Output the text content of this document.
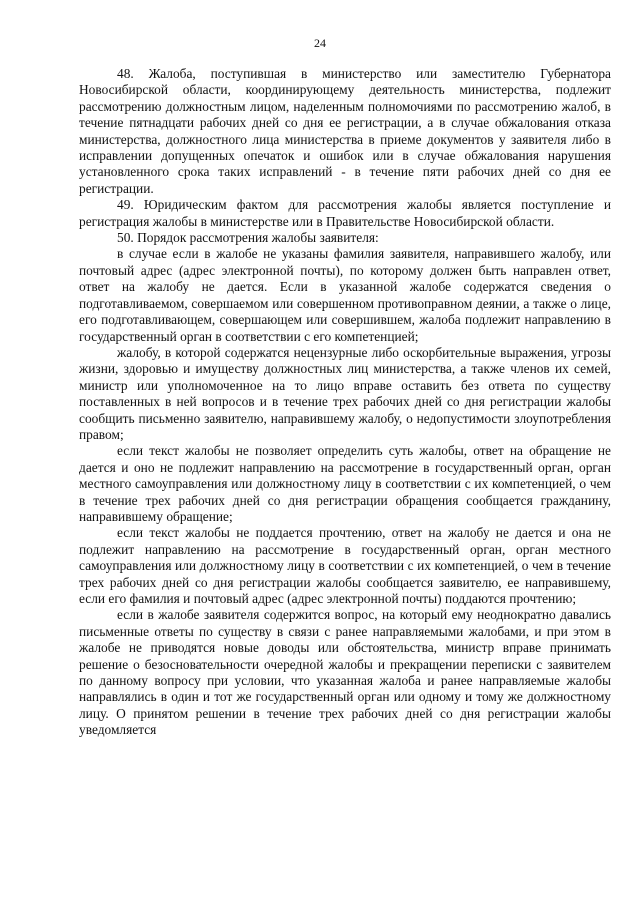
24

48. Жалоба, поступившая в министерство или заместителю Губернатора Новосибирской области, координирующему деятельность министерства, подлежит рассмотрению должностным лицом, наделенным полномочиями по рассмотрению жалоб, в течение пятнадцати рабочих дней со дня ее регистрации, а в случае обжалования отказа министерства, должностного лица министерства в приеме документов у заявителя либо в исправлении допущенных опечаток и ошибок или в случае обжалования нарушения установленного срока таких исправлений - в течение пяти рабочих дней со дня ее регистрации.

49. Юридическим фактом для рассмотрения жалобы является поступление и регистрация жалобы в министерстве или в Правительстве Новосибирской области.

50. Порядок рассмотрения жалобы заявителя:

в случае если в жалобе не указаны фамилия заявителя, направившего жалобу, или почтовый адрес (адрес электронной почты), по которому должен быть направлен ответ, ответ на жалобу не дается. Если в указанной жалобе содержатся сведения о подготавливаемом, совершаемом или совершенном противоправном деянии, а также о лице, его подготавливающем, совершающем или совершившем, жалоба подлежит направлению в государственный орган в соответствии с его компетенцией;

жалобу, в которой содержатся нецензурные либо оскорбительные выражения, угрозы жизни, здоровью и имуществу должностных лиц министерства, а также членов их семей, министр или уполномоченное на то лицо вправе оставить без ответа по существу поставленных в ней вопросов и в течение трех рабочих дней со дня регистрации жалобы сообщить письменно заявителю, направившему жалобу, о недопустимости злоупотребления правом;

если текст жалобы не позволяет определить суть жалобы, ответ на обращение не дается и оно не подлежит направлению на рассмотрение в государственный орган, орган местного самоуправления или должностному лицу в соответствии с их компетенцией, о чем в течение трех рабочих дней со дня регистрации обращения сообщается гражданину, направившему обращение;

если текст жалобы не поддается прочтению, ответ на жалобу не дается и она не подлежит направлению на рассмотрение в государственный орган, орган местного самоуправления или должностному лицу в соответствии с их компетенцией, о чем в течение трех рабочих дней со дня регистрации жалобы сообщается заявителю, ее направившему, если его фамилия и почтовый адрес (адрес электронной почты) поддаются прочтению;

если в жалобе заявителя содержится вопрос, на который ему неоднократно давались письменные ответы по существу в связи с ранее направляемыми жалобами, и при этом в жалобе не приводятся новые доводы или обстоятельства, министр вправе принимать решение о безосновательности очередной жалобы и прекращении переписки с заявителем по данному вопросу при условии, что указанная жалоба и ранее направляемые жалобы направлялись в один и тот же государственный орган или одному и тому же должностному лицу. О принятом решении в течение трех рабочих дней со дня регистрации жалобы уведомляется
